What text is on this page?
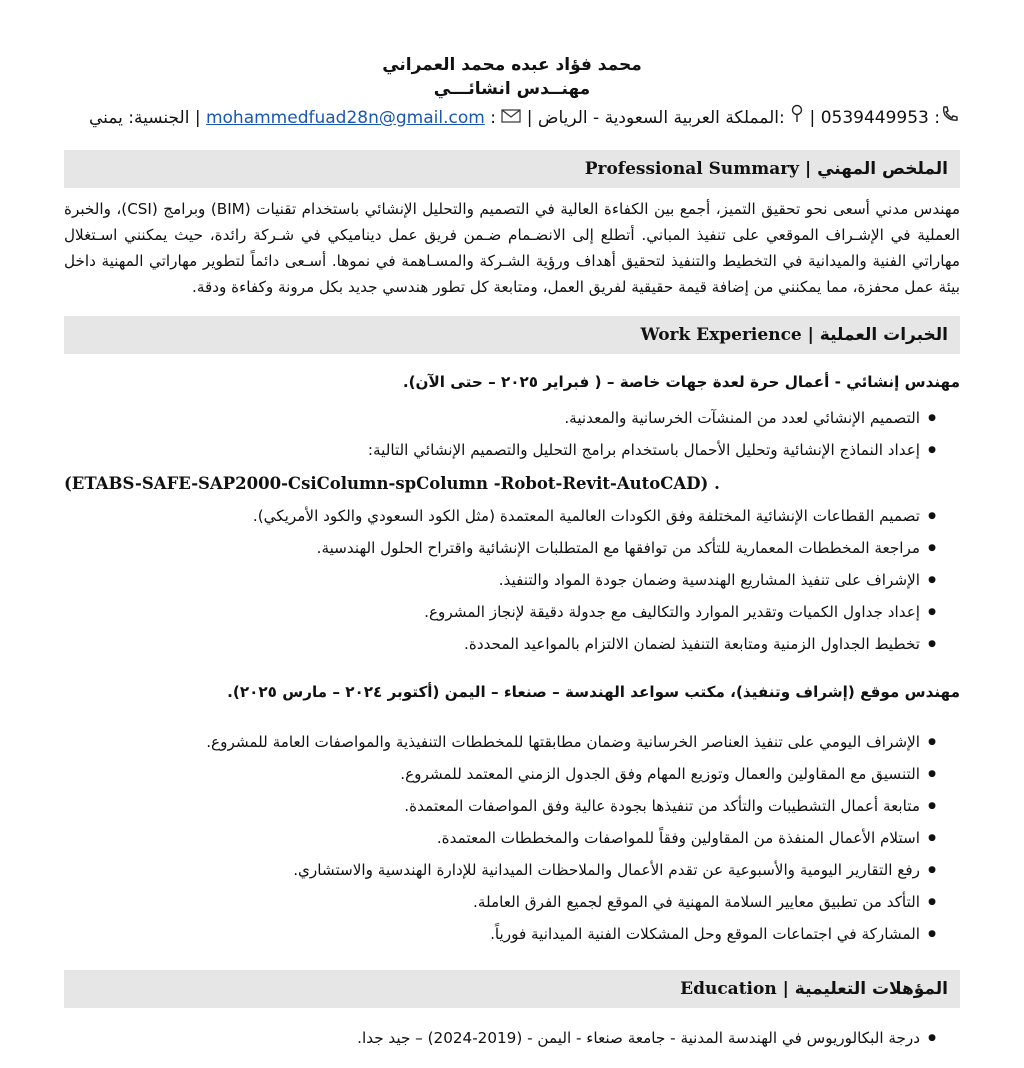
محمد فؤاد عبده محمد العمراني
مهنــدس انشائـــي
: 0539449953 |  :المملكة العربية السعودية - الرياض |  : mohammedfuad28n@gmail.com | الجنسية: يمني
الملخص المهني
|
Professional Summary
مهندس مدني أسعى نحو تحقيق التميز، أجمع بين الكفاءة العالية في التصميم والتحليل الإنشائي باستخدام تقنيات (BIM) وبرامج (CSI)، والخبرة العملية في الإشـراف الموقعي على تنفيذ المباني. أتطلع إلى الانضـمام ضـمن فريق عمل ديناميكي في شـركة رائدة، حيث يمكنني اسـتغلال مهاراتي الفنية والميدانية في التخطيط والتنفيذ لتحقيق أهداف ورؤية الشـركة والمسـاهمة في نموها. أسـعى دائماً لتطوير مهاراتي المهنية داخل بيئة عمل محفزة، مما يمكنني من إضافة قيمة حقيقية لفريق العمل، ومتابعة كل تطور هندسي جديد بكل مرونة وكفاءة ودقة.
الخبرات العملية
|
Work Experience
مهندس إنشائي - أعمال حرة لعدة جهات خاصة – ( فبراير ٢٠٢٥ – حتى الآن).
● التصميم الإنشائي لعدد من المنشآت الخرسانية والمعدنية.
● إعداد النماذج الإنشائية وتحليل الأحمال باستخدام برامج التحليل والتصميم الإنشائي التالية:
(ETABS-SAFE-SAP2000-CsiColumn-spColumn -Robot-Revit-AutoCAD) .
● تصميم القطاعات الإنشائية المختلفة وفق الكودات العالمية المعتمدة (مثل الكود السعودي والكود الأمريكي).
● مراجعة المخططات المعمارية للتأكد من توافقها مع المتطلبات الإنشائية واقتراح الحلول الهندسية.
● الإشراف على تنفيذ المشاريع الهندسية وضمان جودة المواد والتنفيذ.
● إعداد جداول الكميات وتقدير الموارد والتكاليف مع جدولة دقيقة لإنجاز المشروع.
● تخطيط الجداول الزمنية ومتابعة التنفيذ لضمان الالتزام بالمواعيد المحددة.
مهندس موقع (إشراف وتنفيذ)، مكتب سواعد الهندسة – صنعاء – اليمن (أكتوبر ٢٠٢٤ – مارس ٢٠٢٥).
● الإشراف اليومي على تنفيذ العناصر الخرسانية وضمان مطابقتها للمخططات التنفيذية والمواصفات العامة للمشروع.
● التنسيق مع المقاولين والعمال وتوزيع المهام وفق الجدول الزمني المعتمد للمشروع.
● متابعة أعمال التشطيبات والتأكد من تنفيذها بجودة عالية وفق المواصفات المعتمدة.
● استلام الأعمال المنفذة من المقاولين وفقاً للمواصفات والمخططات المعتمدة.
● رفع التقارير اليومية والأسبوعية عن تقدم الأعمال والملاحظات الميدانية للإدارة الهندسية والاستشاري.
● التأكد من تطبيق معايير السلامة المهنية في الموقع لجميع الفرق العاملة.
● المشاركة في اجتماعات الموقع وحل المشكلات الفنية الميدانية فورياً.
المؤهلات التعليمية
|
Education
● درجة البكالوريوس في الهندسة المدنية - جامعة صنعاء - اليمن - (2019-2024) – جيد جدا.
